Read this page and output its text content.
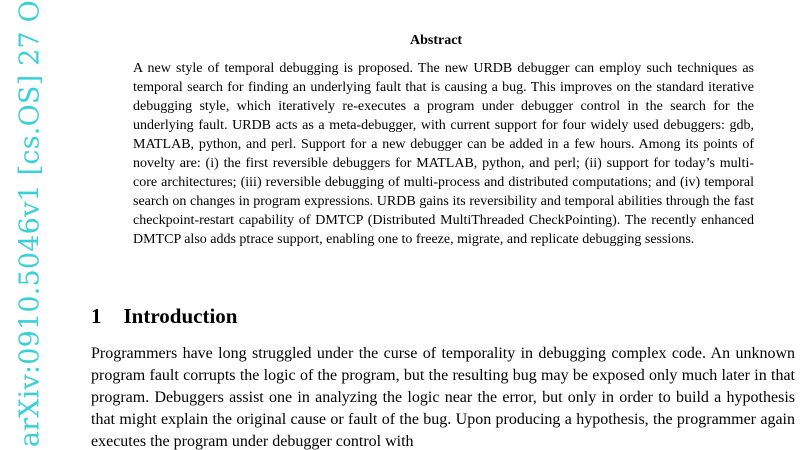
arXiv:0910.5046v1 [cs.OS] 27 O	Abstract

A new style of temporal debugging is proposed. The new URDB debugger can employ such techniques as temporal search for finding an underlying fault that is causing a bug. This improves on the standard iterative debugging style, which iteratively re-executes a program under debugger control in the search for the underlying fault. URDB acts as a meta-debugger, with current support for four widely used debuggers: gdb, MATLAB, python, and perl. Support for a new debugger can be added in a few hours. Among its points of novelty are: (i) the first reversible debuggers for MATLAB, python, and perl; (ii) support for today’s multi-core architectures; (iii) reversible debugging of multi-process and distributed computations; and (iv) temporal search on changes in program expressions. URDB gains its reversibility and temporal abilities through the fast checkpoint-restart capability of DMTCP (Distributed MultiThreaded CheckPointing). The recently enhanced DMTCP also adds ptrace support, enabling one to freeze, migrate, and replicate debugging sessions.

1 Introduction

Programmers have long struggled under the curse of temporality in debugging complex code. An unknown program fault corrupts the logic of the program, but the resulting bug may be exposed only much later in that program. Debuggers assist one in analyzing the logic near the error, but only in order to build a hypothesis that might explain the original cause or fault of the bug. Upon producing a hypothesis, the programmer again executes the program under debugger control with
